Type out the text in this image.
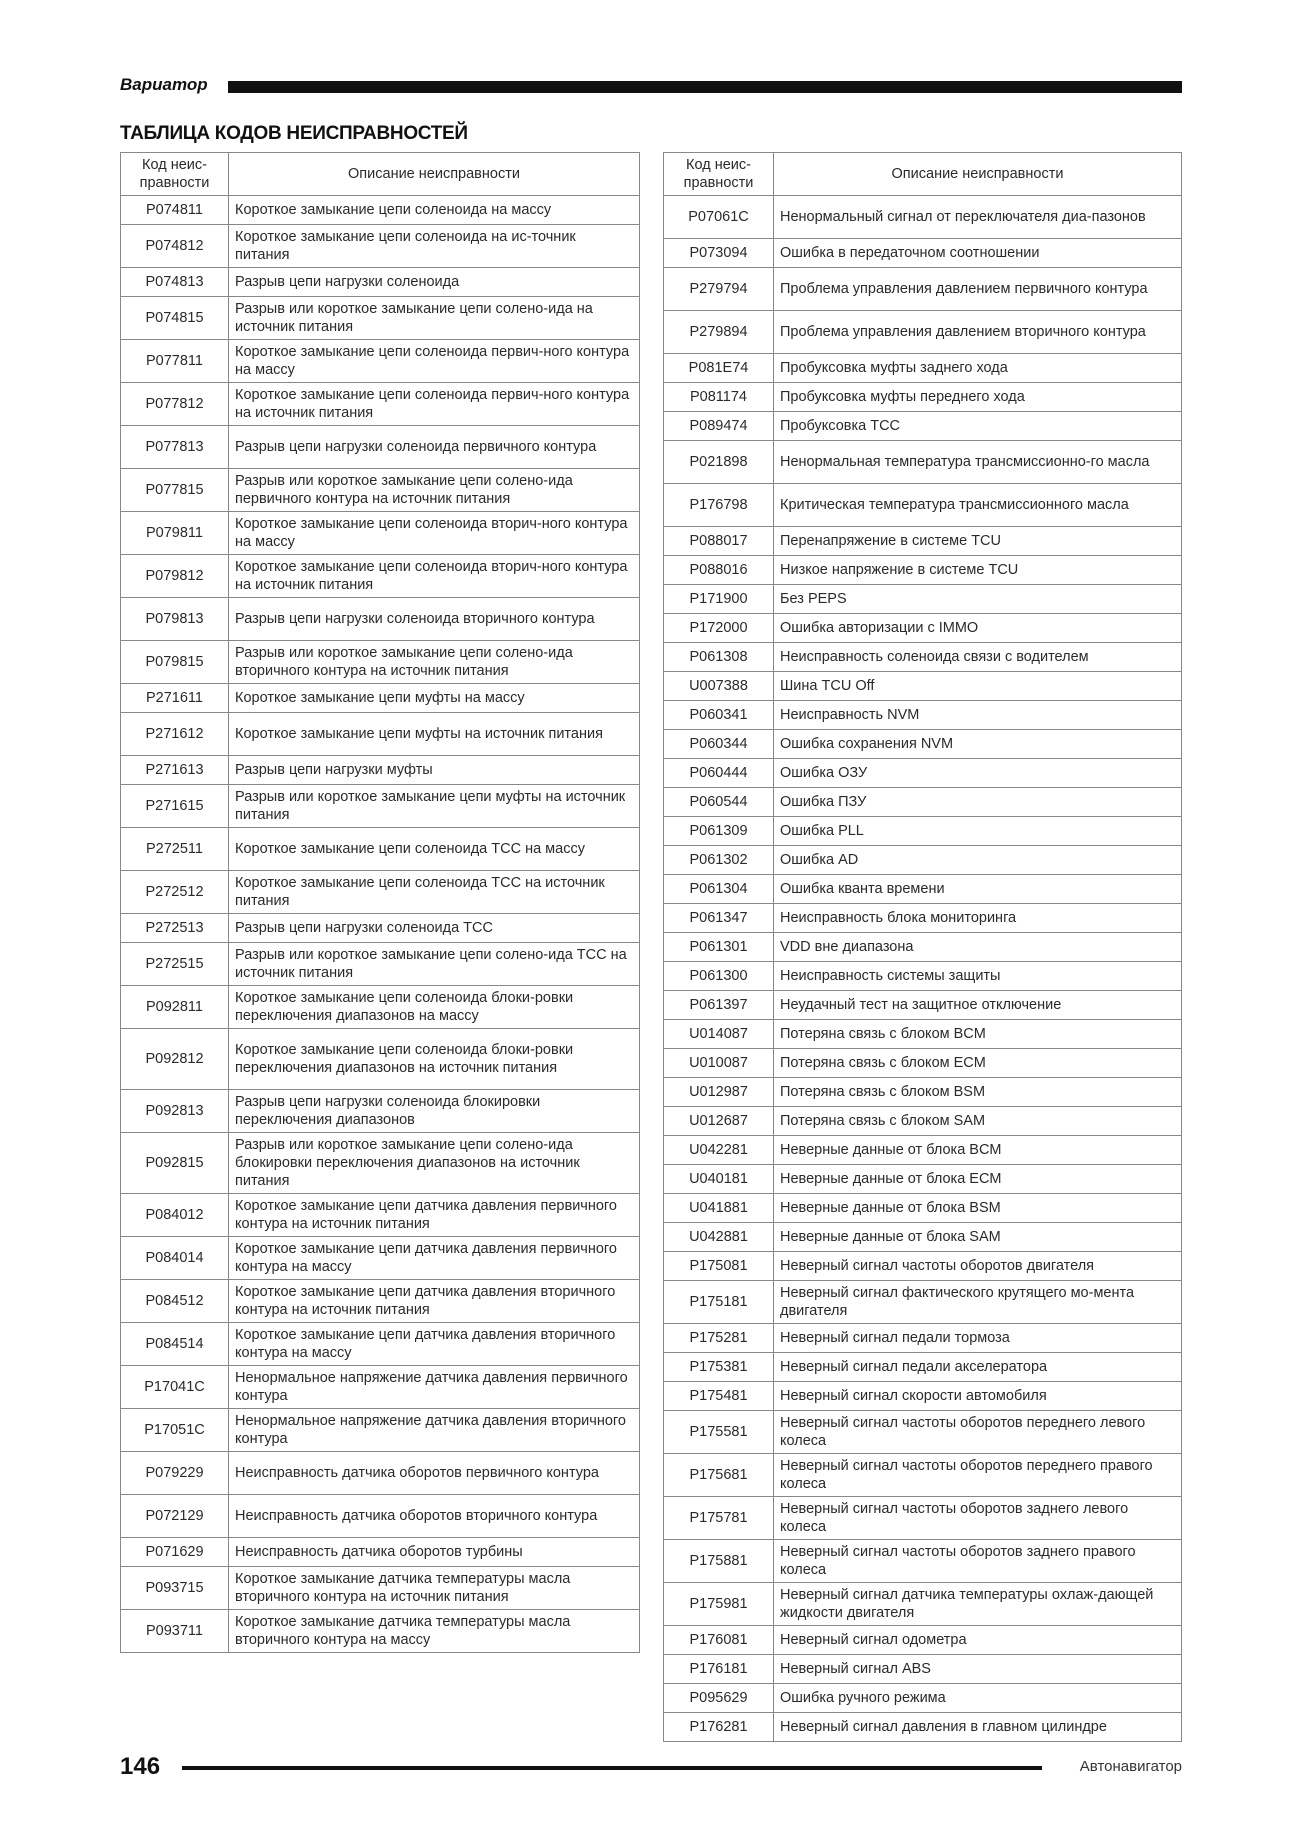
Вариатор
ТАБЛИЦА КОДОВ НЕИСПРАВНОСТЕЙ
Код неис-правности	Описание неисправности
P074811	Короткое замыкание цепи соленоида на массу
P074812	Короткое замыкание цепи соленоида на ис-точник питания
P074813	Разрыв цепи нагрузки соленоида
P074815	Разрыв или короткое замыкание цепи солено-ида на источник питания
P077811	Короткое замыкание цепи соленоида первич-ного контура на массу
P077812	Короткое замыкание цепи соленоида первич-ного контура на источник питания
P077813	Разрыв цепи нагрузки соленоида первичного контура
P077815	Разрыв или короткое замыкание цепи солено-ида первичного контура на источник питания
P079811	Короткое замыкание цепи соленоида вторич-ного контура на массу
P079812	Короткое замыкание цепи соленоида вторич-ного контура на источник питания
P079813	Разрыв цепи нагрузки соленоида вторичного контура
P079815	Разрыв или короткое замыкание цепи солено-ида вторичного контура на источник питания
P271611	Короткое замыкание цепи муфты на массу
P271612	Короткое замыкание цепи муфты на источник питания
P271613	Разрыв цепи нагрузки муфты
P271615	Разрыв или короткое замыкание цепи муфты на источник питания
P272511	Короткое замыкание цепи соленоида TCC на массу
P272512	Короткое замыкание цепи соленоида TCC на источник питания
P272513	Разрыв цепи нагрузки соленоида TCC
P272515	Разрыв или короткое замыкание цепи солено-ида TCC на источник питания
P092811	Короткое замыкание цепи соленоида блоки-ровки переключения диапазонов на массу
P092812	Короткое замыкание цепи соленоида блоки-ровки переключения диапазонов на источник питания
P092813	Разрыв цепи нагрузки соленоида блокировки переключения диапазонов
P092815	Разрыв или короткое замыкание цепи солено-ида блокировки переключения диапазонов на источник питания
P084012	Короткое замыкание цепи датчика давления первичного контура на источник питания
P084014	Короткое замыкание цепи датчика давления первичного контура на массу
P084512	Короткое замыкание цепи датчика давления вторичного контура на источник питания
P084514	Короткое замыкание цепи датчика давления вторичного контура на массу
P17041C	Ненормальное напряжение датчика давления первичного контура
P17051C	Ненормальное напряжение датчика давления вторичного контура
P079229	Неисправность датчика оборотов первичного контура
P072129	Неисправность датчика оборотов вторичного контура
P071629	Неисправность датчика оборотов турбины
P093715	Короткое замыкание датчика температуры масла вторичного контура на источник питания
P093711	Короткое замыкание датчика температуры масла вторичного контура на массу
Код неис-правности	Описание неисправности
P07061C	Ненормальный сигнал от переключателя диа-пазонов
P073094	Ошибка в передаточном соотношении
P279794	Проблема управления давлением первичного контура
P279894	Проблема управления давлением вторичного контура
P081E74	Пробуксовка муфты заднего хода
P081174	Пробуксовка муфты переднего хода
P089474	Пробуксовка TCC
P021898	Ненормальная температура трансмиссионно-го масла
P176798	Критическая температура трансмиссионного масла
P088017	Перенапряжение в системе TCU
P088016	Низкое напряжение в системе TCU
P171900	Без PEPS
P172000	Ошибка авторизации с IMMO
P061308	Неисправность соленоида связи с водителем
U007388	Шина TCU Off
P060341	Неисправность NVM
P060344	Ошибка сохранения NVM
P060444	Ошибка ОЗУ
P060544	Ошибка ПЗУ
P061309	Ошибка PLL
P061302	Ошибка AD
P061304	Ошибка кванта времени
P061347	Неисправность блока мониторинга
P061301	VDD вне диапазона
P061300	Неисправность системы защиты
P061397	Неудачный тест на защитное отключение
U014087	Потеряна связь с блоком BCM
U010087	Потеряна связь с блоком ECM
U012987	Потеряна связь с блоком BSM
U012687	Потеряна связь с блоком SAM
U042281	Неверные данные от блока BCM
U040181	Неверные данные от блока ECM
U041881	Неверные данные от блока BSM
U042881	Неверные данные от блока SAM
P175081	Неверный сигнал частоты оборотов двигателя
P175181	Неверный сигнал фактического крутящего мо-мента двигателя
P175281	Неверный сигнал педали тормоза
P175381	Неверный сигнал педали акселератора
P175481	Неверный сигнал скорости автомобиля
P175581	Неверный сигнал частоты оборотов переднего левого колеса
P175681	Неверный сигнал частоты оборотов переднего правого колеса
P175781	Неверный сигнал частоты оборотов заднего левого колеса
P175881	Неверный сигнал частоты оборотов заднего правого колеса
P175981	Неверный сигнал датчика температуры охлаж-дающей жидкости двигателя
P176081	Неверный сигнал одометра
P176181	Неверный сигнал ABS
P095629	Ошибка ручного режима
P176281	Неверный сигнал давления в главном цилиндре
146	Автонавигатор
